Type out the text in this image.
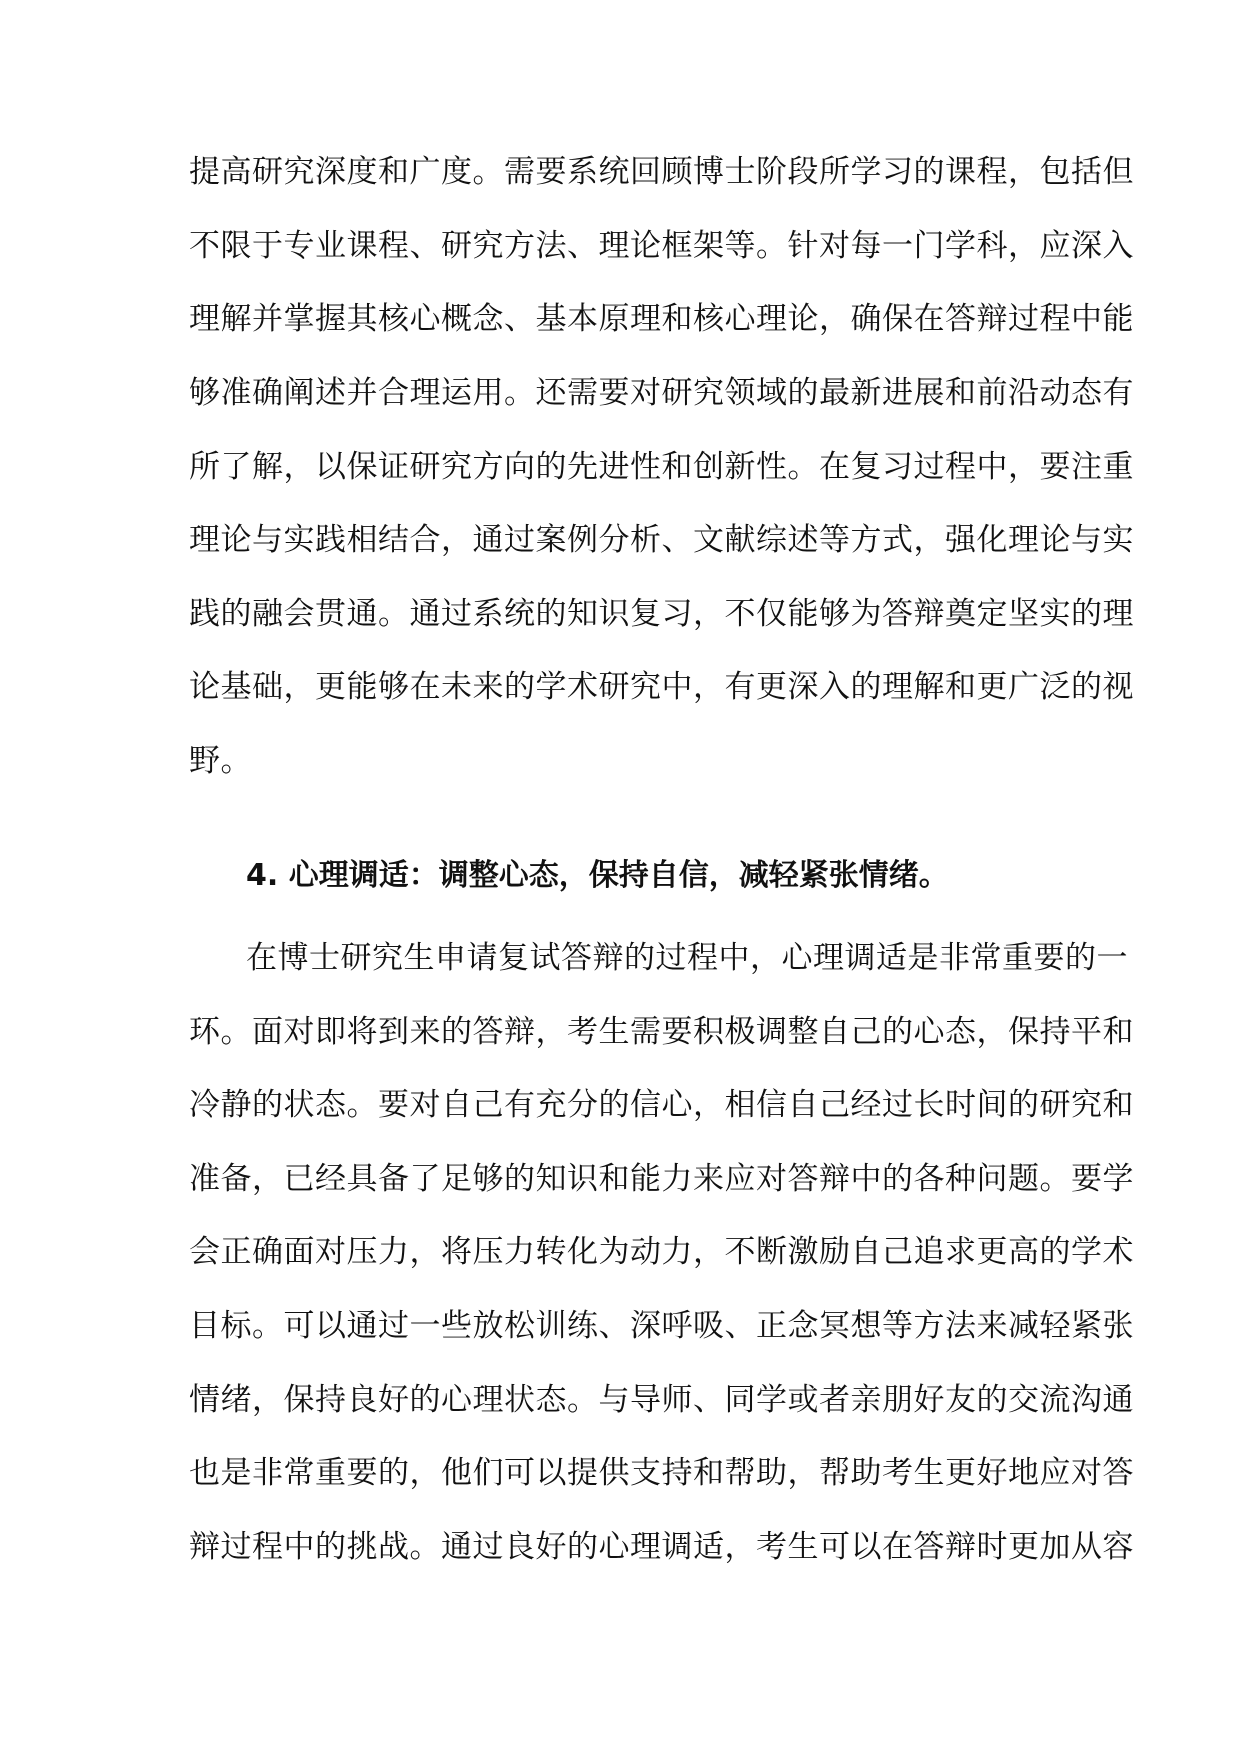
提高研究深度和广度。需要系统回顾博士阶段所学习的课程，包括但
不限于专业课程、研究方法、理论框架等。针对每一门学科，应深入
理解并掌握其核心概念、基本原理和核心理论，确保在答辩过程中能
够准确阐述并合理运用。还需要对研究领域的最新进展和前沿动态有
所了解，以保证研究方向的先进性和创新性。在复习过程中，要注重
理论与实践相结合，通过案例分析、文献综述等方式，强化理论与实
践的融会贯通。通过系统的知识复习，不仅能够为答辩奠定坚实的理
论基础，更能够在未来的学术研究中，有更深入的理解和更广泛的视
野。
4. 心理调适：调整心态，保持自信，减轻紧张情绪。
在博士研究生申请复试答辩的过程中，心理调适是非常重要的一
环。面对即将到来的答辩，考生需要积极调整自己的心态，保持平和
冷静的状态。要对自己有充分的信心，相信自己经过长时间的研究和
准备，已经具备了足够的知识和能力来应对答辩中的各种问题。要学
会正确面对压力，将压力转化为动力，不断激励自己追求更高的学术
目标。可以通过一些放松训练、深呼吸、正念冥想等方法来减轻紧张
情绪，保持良好的心理状态。与导师、同学或者亲朋好友的交流沟通
也是非常重要的，他们可以提供支持和帮助，帮助考生更好地应对答
辩过程中的挑战。通过良好的心理调适，考生可以在答辩时更加从容
